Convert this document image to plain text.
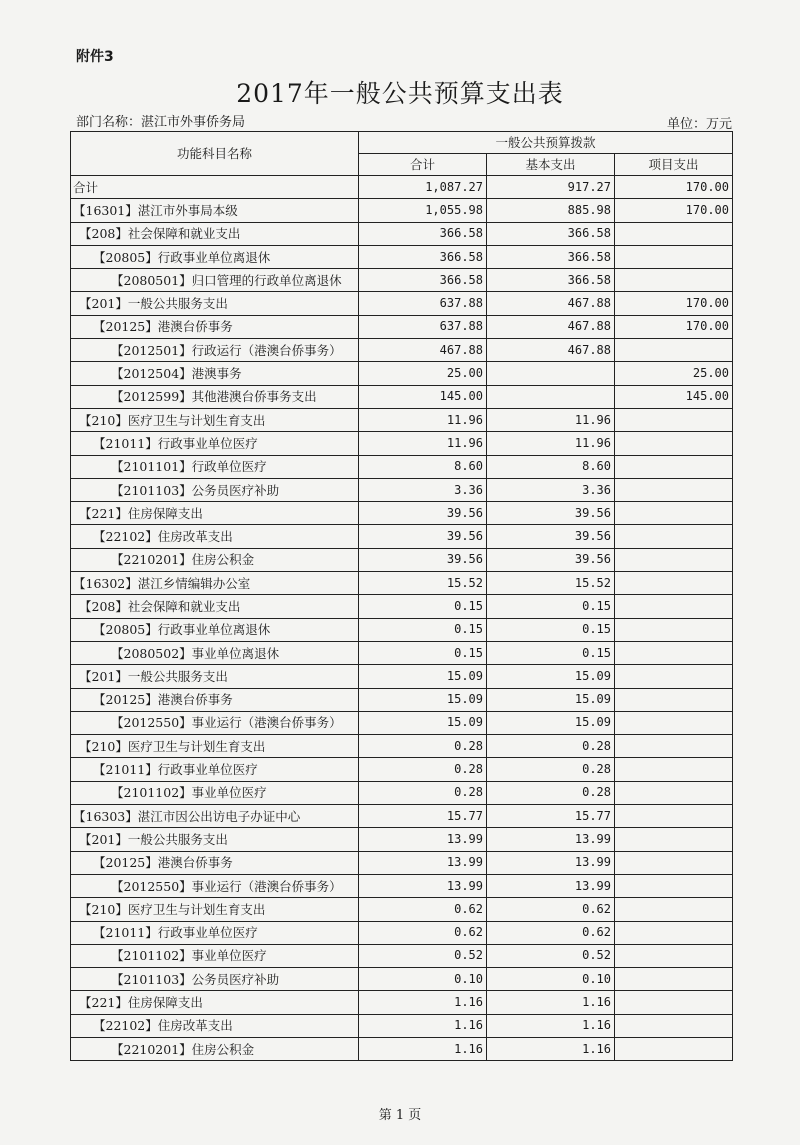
附件3
2017年一般公共预算支出表
部门名称：湛江市外事侨务局	单位：万元
功能科目名称	一般公共预算拨款		
	合计	基本支出	项目支出
合计	1,087.27	917.27	170.00
【16301】湛江市外事局本级	1,055.98	885.98	170.00
【208】社会保障和就业支出	366.58	366.58	
【20805】行政事业单位离退休	366.58	366.58	
【2080501】归口管理的行政单位离退休	366.58	366.58	
【201】一般公共服务支出	637.88	467.88	170.00
【20125】港澳台侨事务	637.88	467.88	170.00
【2012501】行政运行（港澳台侨事务）	467.88	467.88	
【2012504】港澳事务	25.00		25.00
【2012599】其他港澳台侨事务支出	145.00		145.00
【210】医疗卫生与计划生育支出	11.96	11.96	
【21011】行政事业单位医疗	11.96	11.96	
【2101101】行政单位医疗	8.60	8.60	
【2101103】公务员医疗补助	3.36	3.36	
【221】住房保障支出	39.56	39.56	
【22102】住房改革支出	39.56	39.56	
【2210201】住房公积金	39.56	39.56	
【16302】湛江乡情编辑办公室	15.52	15.52	
【208】社会保障和就业支出	0.15	0.15	
【20805】行政事业单位离退休	0.15	0.15	
【2080502】事业单位离退休	0.15	0.15	
【201】一般公共服务支出	15.09	15.09	
【20125】港澳台侨事务	15.09	15.09	
【2012550】事业运行（港澳台侨事务）	15.09	15.09	
【210】医疗卫生与计划生育支出	0.28	0.28	
【21011】行政事业单位医疗	0.28	0.28	
【2101102】事业单位医疗	0.28	0.28	
【16303】湛江市因公出访电子办证中心	15.77	15.77	
【201】一般公共服务支出	13.99	13.99	
【20125】港澳台侨事务	13.99	13.99	
【2012550】事业运行（港澳台侨事务）	13.99	13.99	
【210】医疗卫生与计划生育支出	0.62	0.62	
【21011】行政事业单位医疗	0.62	0.62	
【2101102】事业单位医疗	0.52	0.52	
【2101103】公务员医疗补助	0.10	0.10	
【221】住房保障支出	1.16	1.16	
【22102】住房改革支出	1.16	1.16	
【2210201】住房公积金	1.16	1.16	
第 1 页
